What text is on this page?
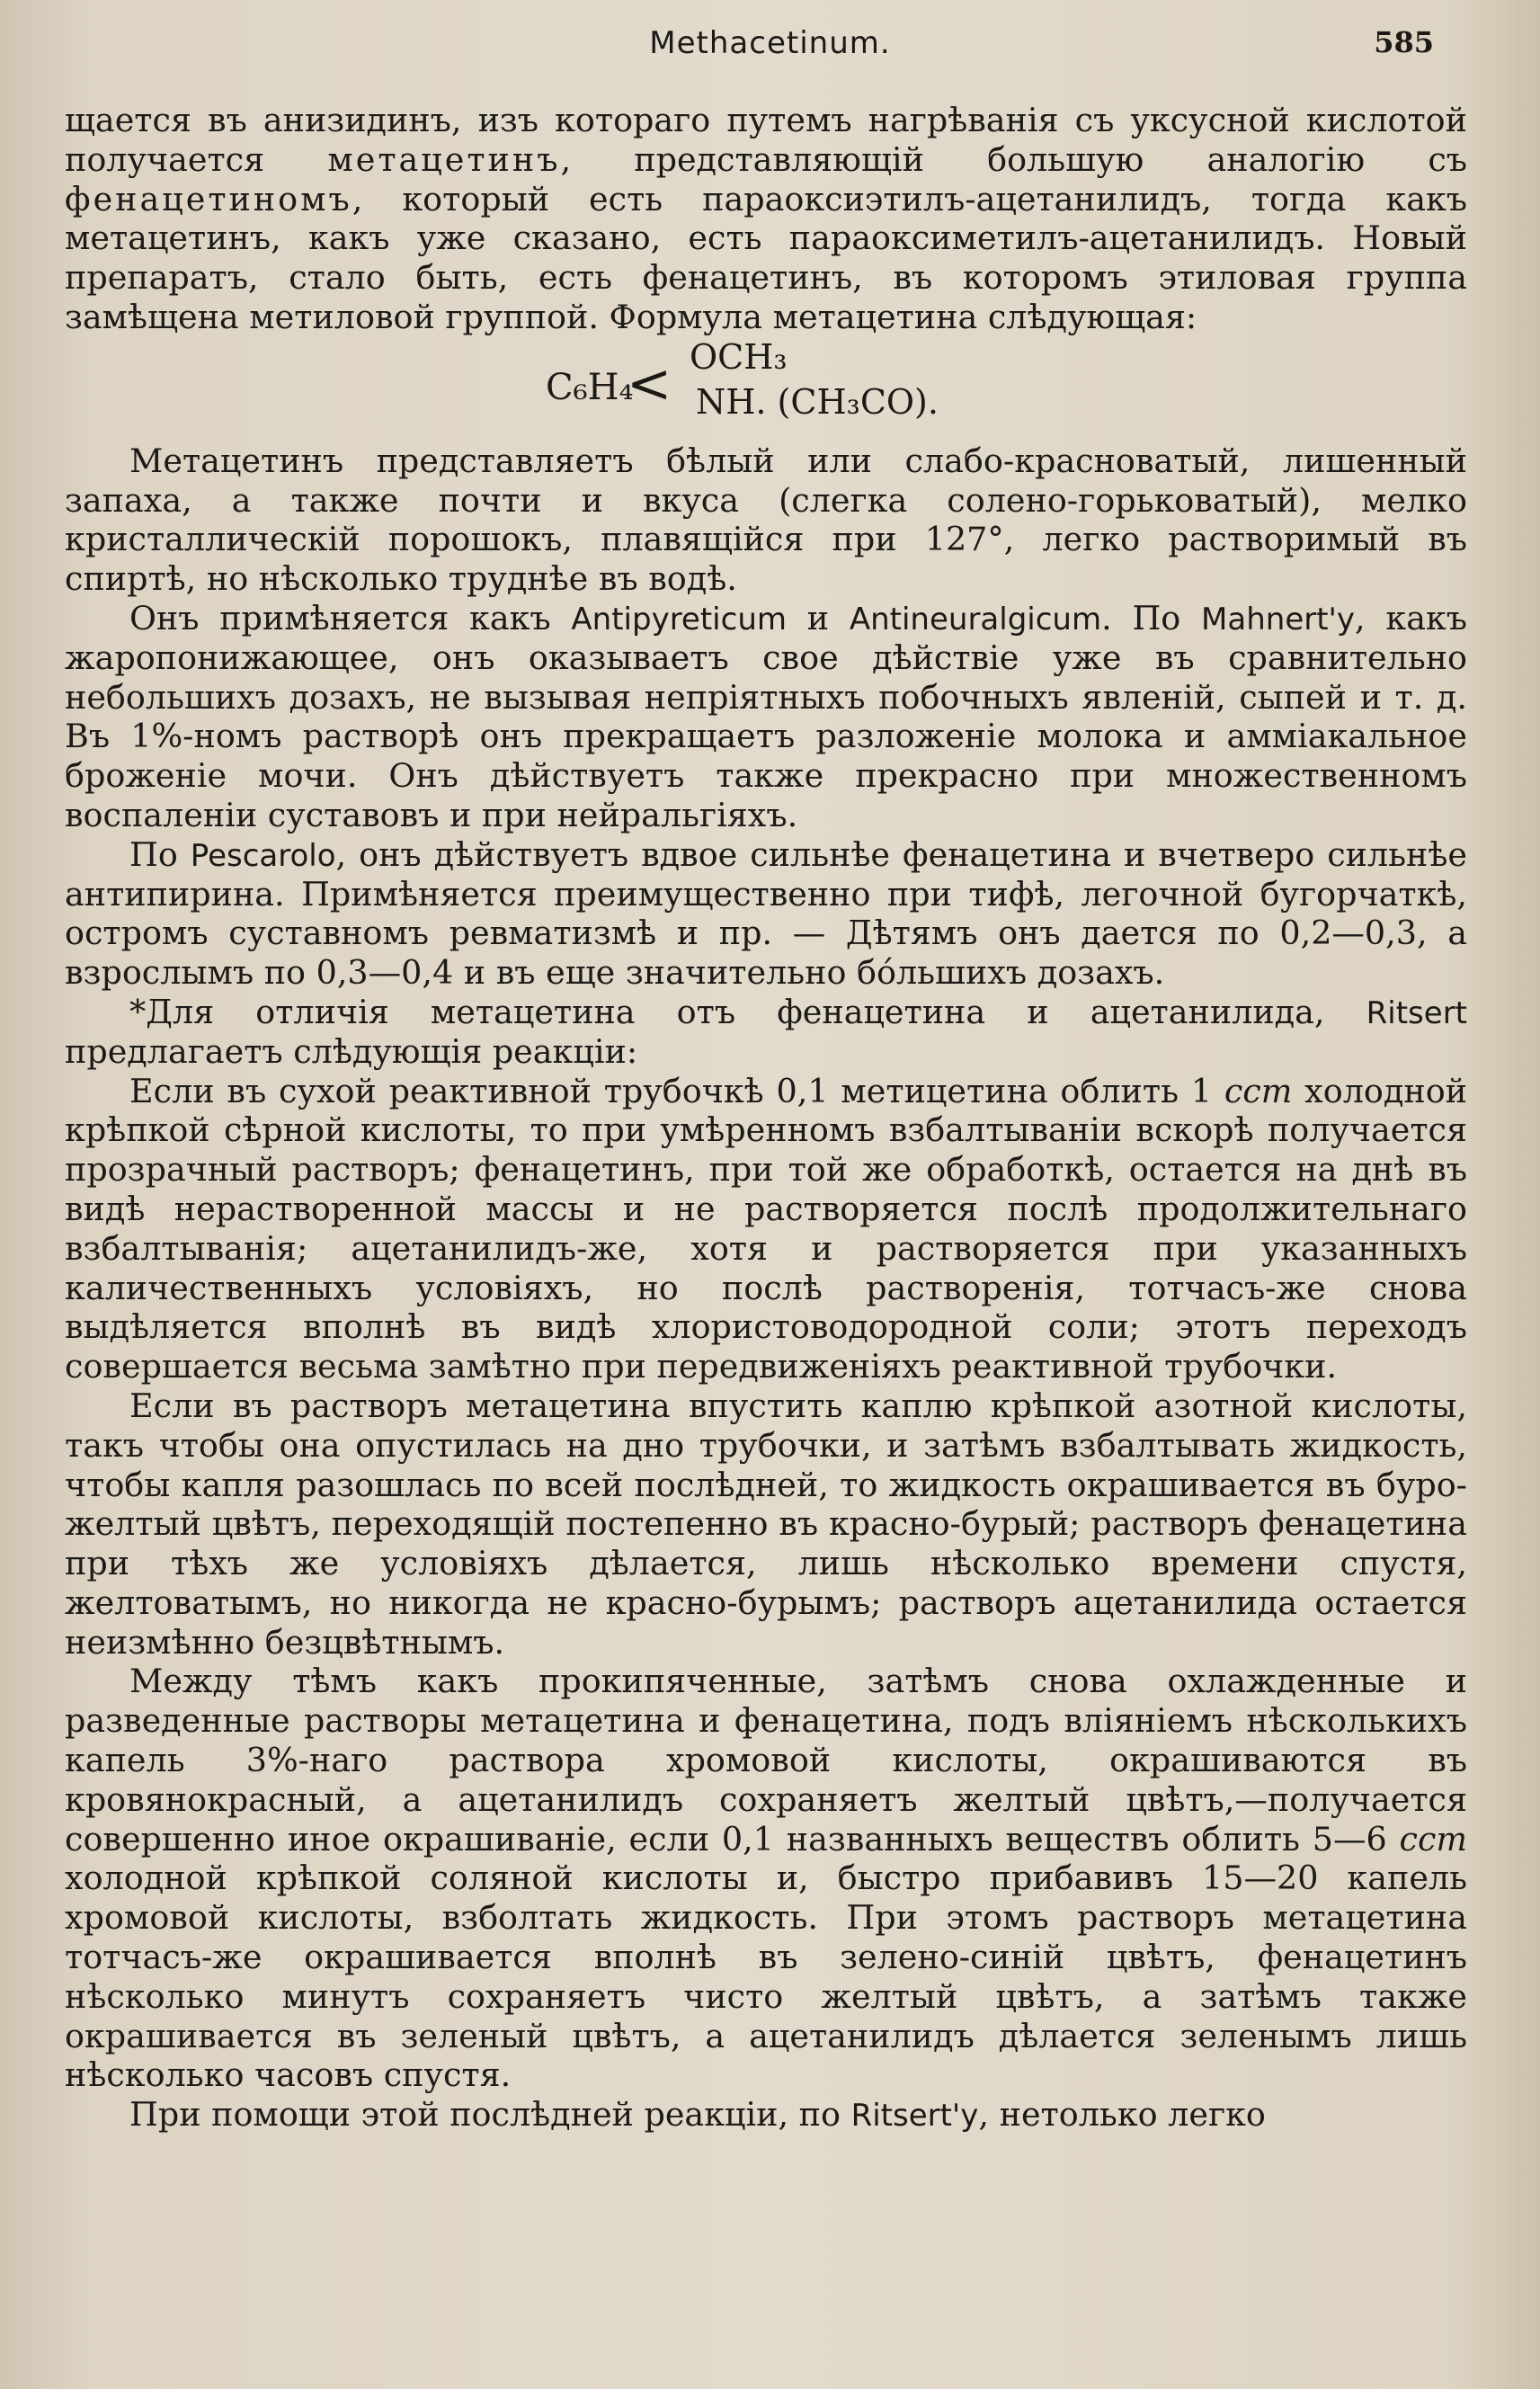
Methacetinum.	585

щается въ анизидинъ, изъ котораго путемъ нагрѣванія съ уксусной кислотой получается метацетинъ, представляющій большую аналогію съ фенацетиномъ, который есть параоксиэтилъ-ацетанилидъ, тогда какъ метацетинъ, какъ уже сказано, есть параоксиметилъ-ацетанилидъ. Новый препаратъ, стало быть, есть фенацетинъ, въ которомъ этиловая группа замѣщена метиловой группой. Формула метацетина слѣдующая:

C₆H₄
< OCH₃
NH. (CH₃CO).

Метацетинъ представляетъ бѣлый или слабо-красноватый, лишенный запаха, а также почти и вкуса (слегка солено-горьковатый), мелко кристаллическій порошокъ, плавящійся при 127°, легко растворимый въ спиртѣ, но нѣсколько труднѣе въ водѣ.

Онъ примѣняется какъ Antipyreticum и Antineuralgicum. По Mahnert'у, какъ жаропонижающее, онъ оказываетъ свое дѣйствіе уже въ сравнительно небольшихъ дозахъ, не вызывая непріятныхъ побочныхъ явленій, сыпей и т. д. Въ 1%-номъ растворѣ онъ прекращаетъ разложеніе молока и аммiакальное броженіе мочи. Онъ дѣйствуетъ также прекрасно при множественномъ воспаленіи суставовъ и при нейральгіяхъ.

По Pescarolo, онъ дѣйствуетъ вдвое сильнѣе фенацетина и вчетверо сильнѣе антипирина. Примѣняется преимущественно при тифѣ, легочной бугорчаткѣ, остромъ суставномъ ревматизмѣ и пр. — Дѣтямъ онъ дается по 0,2—0,3, а взрослымъ по 0,3—0,4 и въ еще значительно бóльшихъ дозахъ.

*Для отличія метацетина отъ фенацетина и ацетанилида, Ritsert предлагаетъ слѣдующія реакціи:

Если въ сухой реактивной трубочкѣ 0,1 метицетина облить 1 ccm холодной крѣпкой сѣрной кислоты, то при умѣренномъ взбалтываніи вскорѣ получается прозрачный растворъ; фенацетинъ, при той же обработкѣ, остается на днѣ въ видѣ нерастворенной массы и не растворяется послѣ продолжительнаго взбалтыванія; ацетанилидъ-же, хотя и растворяется при указанныхъ каличественныхъ условіяхъ, но послѣ растворенія, тотчасъ-же снова выдѣляется вполнѣ въ видѣ хлористоводородной соли; этотъ переходъ совершается весьма замѣтно при передвиженіяхъ реактивной трубочки.

Если въ растворъ метацетина впустить каплю крѣпкой азотной кислоты, такъ чтобы она опустилась на дно трубочки, и затѣмъ взбалтывать жидкость, чтобы капля разошлась по всей послѣдней, то жидкость окрашивается въ буро-желтый цвѣтъ, переходящій постепенно въ красно-бурый; растворъ фенацетина при тѣхъ же условіяхъ дѣлается, лишь нѣсколько времени спустя, желтоватымъ, но никогда не красно-бурымъ; растворъ ацетанилида остается неизмѣнно безцвѣтнымъ.

Между тѣмъ какъ прокипяченные, затѣмъ снова охлажденные и разведенные растворы метацетина и фенацетина, подъ вліяніемъ нѣсколькихъ капель 3%-наго раствора хромовой кислоты, окрашиваются въ кровянокрасный, а ацетанилидъ сохраняетъ желтый цвѣтъ,—получается совершенно иное окрашиваніе, если 0,1 названныхъ веществъ облить 5—6 ccm холодной крѣпкой соляной кислоты и, быстро прибавивъ 15—20 капель хромовой кислоты, взболтать жидкость. При этомъ растворъ метацетина тотчасъ-же окрашивается вполнѣ въ зелено-синій цвѣтъ, фенацетинъ нѣсколько минутъ сохраняетъ чисто желтый цвѣтъ, а затѣмъ также окрашивается въ зеленый цвѣтъ, а ацетанилидъ дѣлается зеленымъ лишь нѣсколько часовъ спустя.

При помощи этой послѣдней реакціи, по Ritsert'у, нетолько легко
